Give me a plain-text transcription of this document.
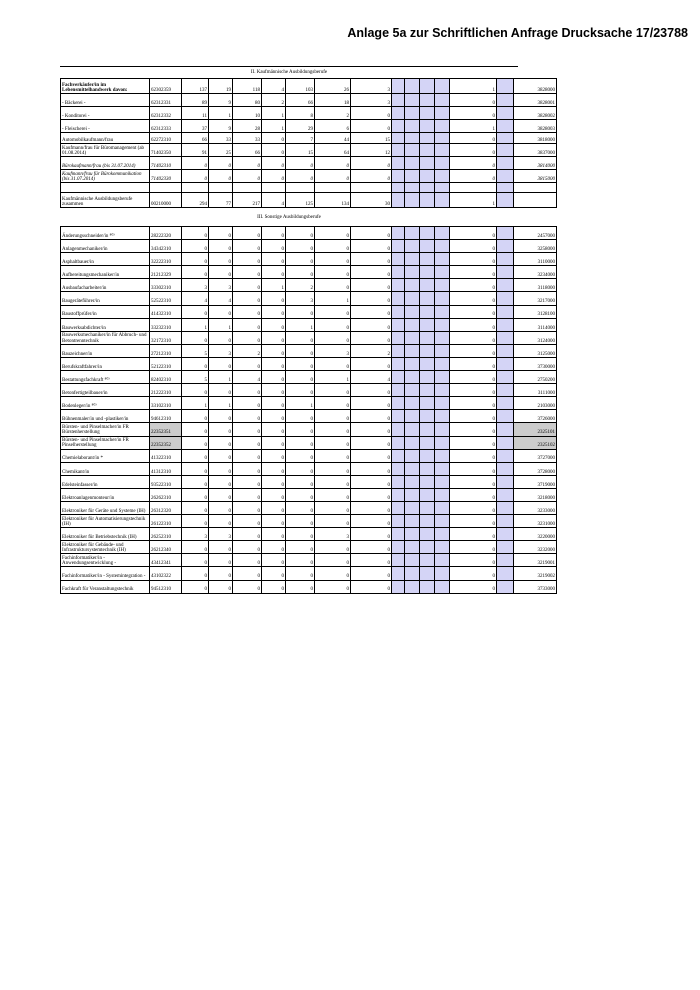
Anlage 5a zur Schriftlichen Anfrage Drucksache 17/23788
II. Kaufmännische Ausbildungsberufe
Fachverkäufer/in im Lebensmittelhandwerk davon:	62302359	137	19	118	4	103	26	3					1		3828000
- Bäckerei -	62312331	89	9	80	2	66	18	3					0		3828001
- Konditorei -	62312332	11	1	10	1	8	2	0					0		3828002
- Fleischerei -	62312333	37	9	28	1	29	6	0					1		3828003
Automobilkaufmann/frau	62272310	66	33	33	0	7	44	15					0		3818000
Kaufmann/frau für Büromanagement (ab 01.08.2014)	71402350	91	25	66	0	15	64	12					0		3837000
Bürokaufmann/frau (bis 31.07.2014)	71402310	0	0	0	0	0	0	0					0		3814000
Kaufmann/frau für Bürokommunikation (bis 31.07.2014)	71402330	0	0	0	0	0	0	0					0		3815000

Kaufmännische Ausbildungsberufe zusammen	00210000	294	77	217	4	125	134	30					1		
III. Sonstige Ausbildungsberufe
Änderungsschneider/in ⁸⁰⁾	28222320	0	0	0	0	0	0	0					0		2457000
Anlagenmechaniker/in	34342310	0	0	0	0	0	0	0					0		3258000
Asphaltbauer/in	32222310	0	0	0	0	0	0	0					0		3110000
Aufbereitungsmechaniker/in	21212329	0	0	0	0	0	0	0					0		3234000
Ausbaufacharbeiter/in	33302310	3	3	0	1	2	0	0					0		3118000
Baugeräteführer/in	52522310	4	4	0	0	3	1	0					0		3217000
Baustoffprüfer/in	41432310	0	0	0	0	0	0	0					0		3128100
Bauwerksabdichter/in	33232310	1	1	0	0	1	0	0					0		3114000
Bauwerksmechaniker/in für Abbruch- und Betontrenntechnik	32172310	0	0	0	0	0	0	0					0		3124000
Bauzeichner/in	27212310	5	3	2	0	0	3	2					0		3125000
Berufskraftfahrer/in	52122310	0	0	0	0	0	0	0					0		3730000
Bestattungsfachkraft ⁸⁰⁾	82402310	5	1	4	0	0	1	4					0		2750200
Betonfertigteilbauer/in	21222310	0	0	0	0	0	0	0					0		3111000
Bodenleger/in ⁸⁰⁾	33102310	1	1	0	0	1	0	0					0		2103000
Bühnenmaler/in und -plastiker/in	94612310	0	0	0	0	0	0	0					0		3726000
Bürsten- und Pinselmacher/in FR Bürstenherstellung	22352351	0	0	0	0	0	0	0					0		2325101
Bürsten- und Pinselmacher/in FR Pinselherstellung	22352352	0	0	0	0	0	0	0					0		2325102
Chemielaborant/in *	41322310	0	0	0	0	0	0	0					0		3727000
Chemikant/in	41312310	0	0	0	0	0	0	0					0		3728000
Edelsteinfasser/in	93522310	0	0	0	0	0	0	0					0		3719000
Elektroanlagenmonteur/in	26262310	0	0	0	0	0	0	0					0		3218000
Elektroniker für Geräte und Systeme (IH)	26312320	0	0	0	0	0	0	0					0		3233000
Elektroniker für Automatisierungstechnik (IH)	26122310	0	0	0	0	0	0	0					0		3231000
Elektroniker für Betriebstechnik (IH)	26252310	3	3	0	0	0	3	0					0		3220000
Elektroniker für Gebäude- und Infrastruktursystemtechnik (IH)	26212340	0	0	0	0	0	0	0					0		3232000
Fachinformatiker/in - Anwendungsentwicklung -	43412341	0	0	0	0	0	0	0					0		3219001
Fachinformatiker/in - Systemintegration -	43102322	0	0	0	0	0	0	0					0		3219002
Fachkraft für Veranstaltungstechnik	94512310	0	0	0	0	0	0	0					0		3733000
